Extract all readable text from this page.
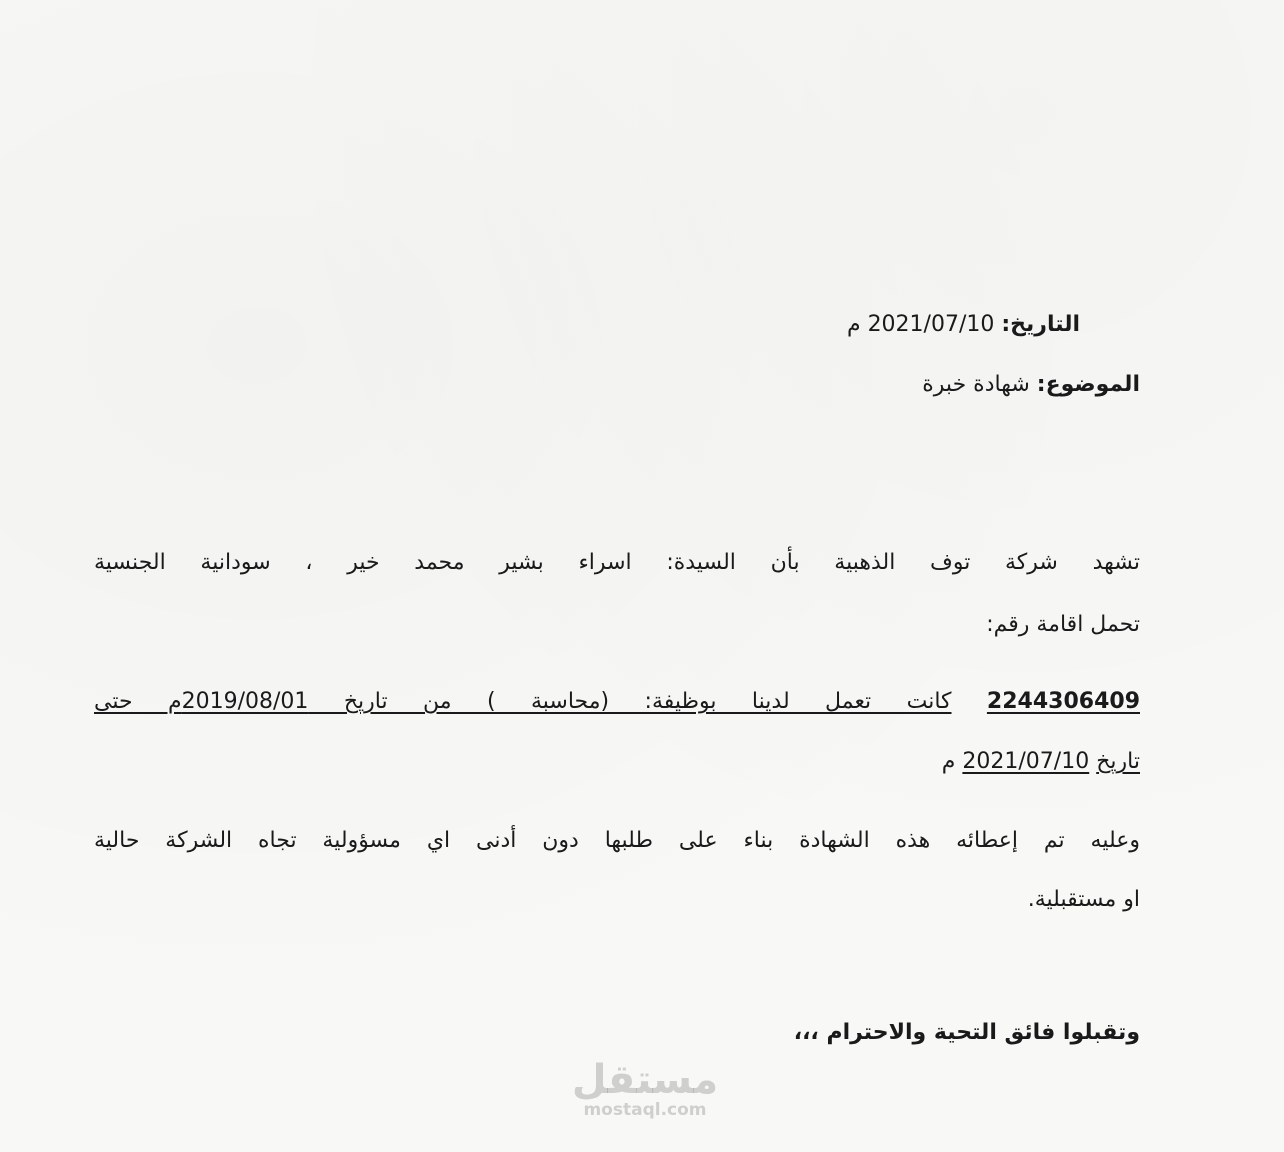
التاريخ: 2021/07/10 م
الموضوع: شهادة خبرة
تشهد شركة توف الذهبية بأن السيدة: اسراء بشير محمد خير ، سودانية الجنسية
تحمل اقامة رقم:
2244306409 كانت تعمل لدينا بوظيفة: (محاسبة ) من تاريخ 2019/08/01م حتى
تاريخ 2021/07/10 م
وعليه تم إعطائه هذه الشهادة بناء على طلبها دون أدنى اي مسؤولية تجاه الشركة حالية
او مستقبلية.
وتقبلوا فائق التحية والاحترام ،،،
مستقل
mostaql.com
